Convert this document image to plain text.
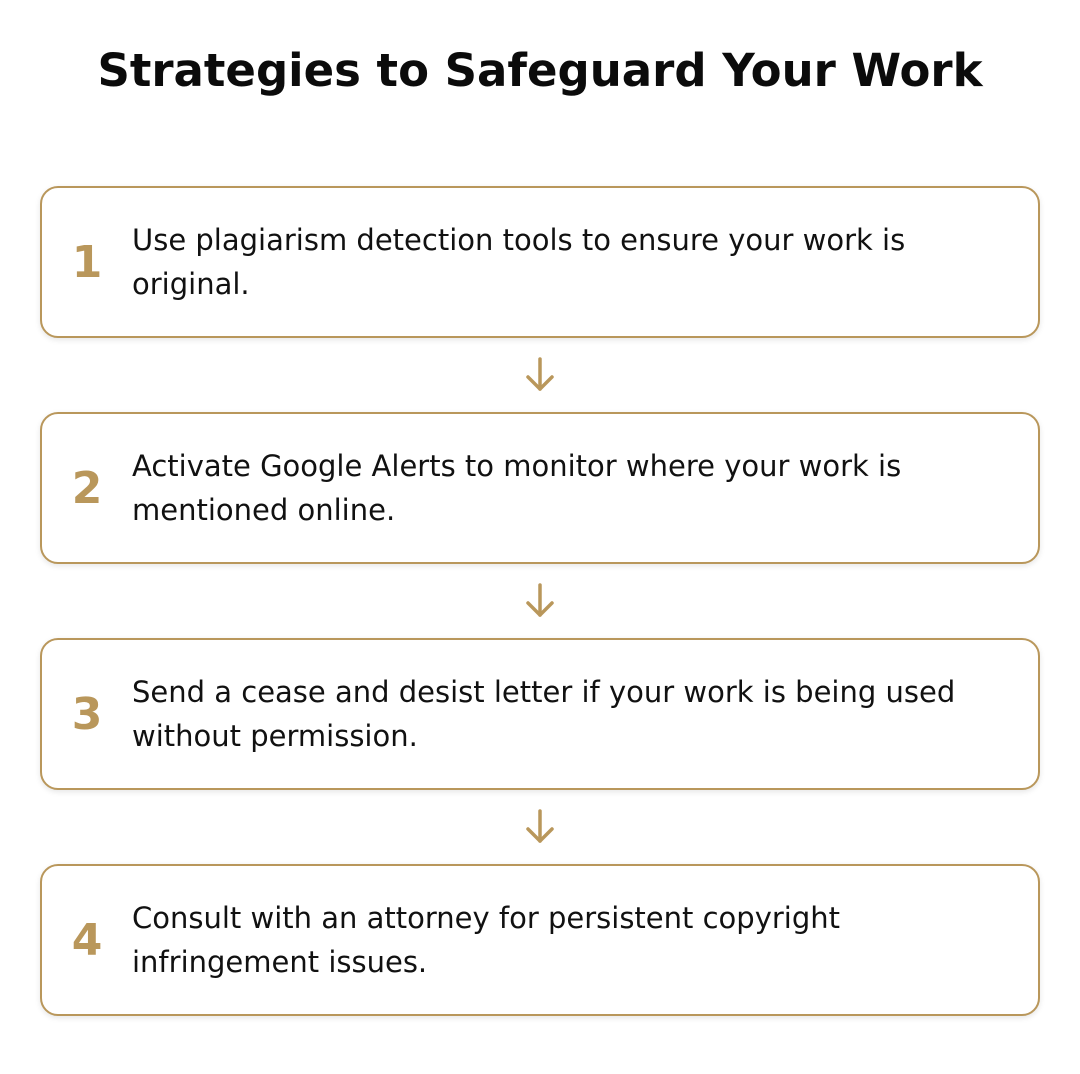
Strategies to Safeguard Your Work
1	Use plagiarism detection tools to ensure your work is original.
2	Activate Google Alerts to monitor where your work is mentioned online.
3	Send a cease and desist letter if your work is being used without permission.
4	Consult with an attorney for persistent copyright infringement issues.
